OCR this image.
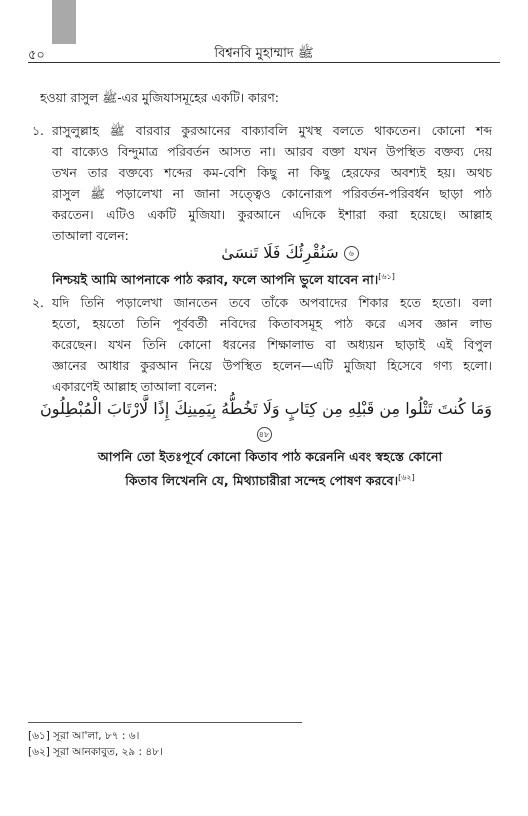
৫০	বিশ্বনবি মুহাম্মাদ ﷺ
হওয়া রাসুল ﷺ-এর মুজিযাসমূহের একটি। কারণ:
১. রাসুলুল্লাহ ﷺ বারবার কুরআনের বাক্যাবলি মুখস্থ বলতে থাকতেন। কোনো শব্দ
বা বাক্যেও বিন্দুমাত্র পরিবর্তন আসত না। আরব বক্তা যখন উপস্থিত বক্তব্য দেয়
তখন তার বক্তব্যে শব্দের কম-বেশি কিছু না কিছু হেরফের অবশ্যই হয়। অথচ
রাসুল ﷺ পড়ালেখা না জানা সত্ত্বেও কোনোরূপ পরিবর্তন-পরিবর্ধন ছাড়া পাঠ
করতেন। এটিও একটি মুজিযা। কুরআনে এদিকে ইশারা করা হয়েছে। আল্লাহ
তাআলা বলেন:
৬ سَنُقْرِئُكَ فَلَا تَنسَىٰ
নিশ্চয়ই আমি আপনাকে পাঠ করাব, ফলে আপনি ভুলে যাবেন না।[৬১]
২. যদি তিনি পড়ালেখা জানতেন তবে তাঁকে অপবাদের শিকার হতে হতো। বলা
হতো, হয়তো তিনি পূর্ববর্তী নবিদের কিতাবসমূহ পাঠ করে এসব জ্ঞান লাভ
করেছেন। যখন তিনি কোনো ধরনের শিক্ষালাভ বা অধ্যয়ন ছাড়াই এই বিপুল
জ্ঞানের আধার কুরআন নিয়ে উপস্থিত হলেন—এটি মুজিযা হিসেবে গণ্য হলো।
একারণেই আল্লাহ তাআলা বলেন:
وَمَا كُنتَ تَتْلُوا مِن قَبْلِهِ مِن كِتَابٍ وَلَا تَخُطُّهُ بِيَمِينِكَ إِذًا لَّارْتَابَ الْمُبْطِلُونَ
৪৮
আপনি তো ইতঃপূর্বে কোনো কিতাব পাঠ করেননি এবং স্বহস্তে কোনো
কিতাব লিখেননি যে, মিথ্যাচারীরা সন্দেহ পোষণ করবে।[৬২]
[৬১] সূরা আ'লা, ৮৭ : ৬।
[৬২] সূরা আনকাবুত, ২৯ : ৪৮।
